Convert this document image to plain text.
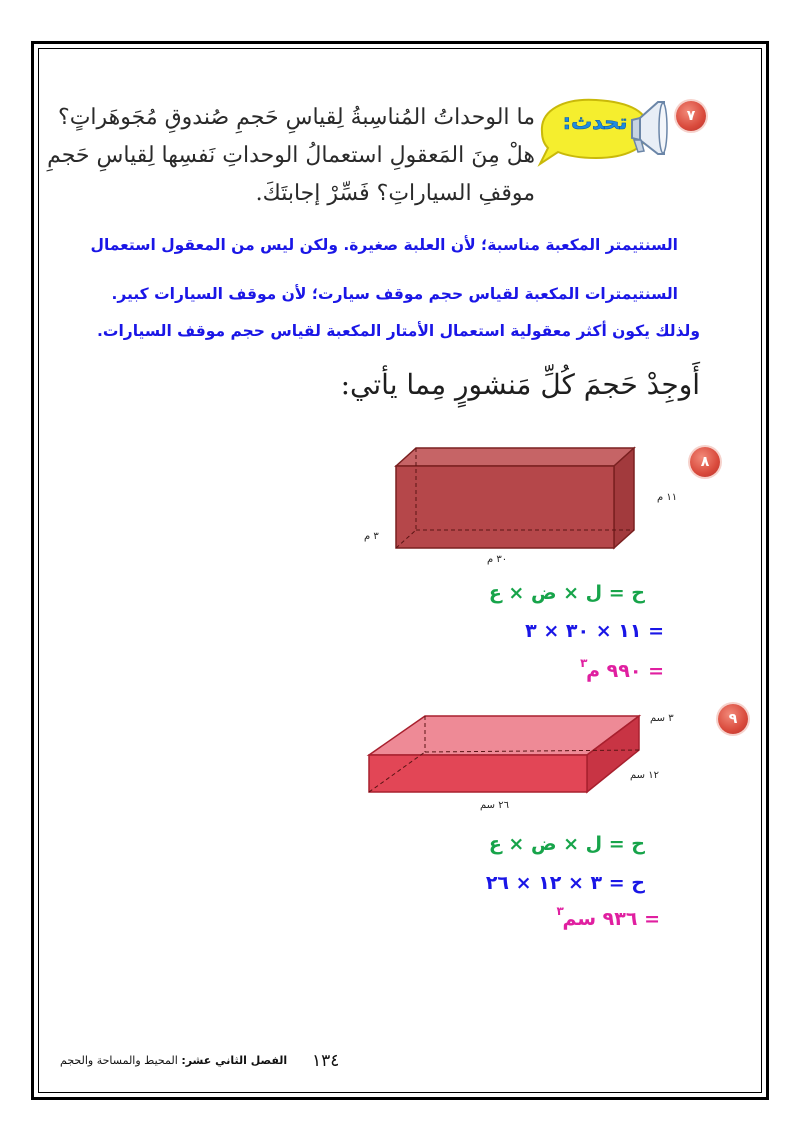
٧
تحدث:
ما الوحداتُ المُناسِبةُ لِقياسِ حَجمِ صُندوقِ مُجَوهَراتٍ؟
هلْ مِنَ المَعقولِ استعمالُ الوحداتِ نَفسِها لِقياسِ حَجمِ
موقفِ السياراتِ؟ فَسِّرْ إجابتَكَ.
السنتيمتر المكعبة مناسبة؛ لأن العلبة صغيرة. ولكن ليس من المعقول استعمال
السنتيمترات المكعبة لقياس حجم موقف سيارت؛ لأن موقف السيارات كبير.
ولذلك يكون أكثر معقولية استعمال الأمتار المكعبة لقياس حجم موقف السيارات.
أَوجِدْ حَجمَ كُلِّ مَنشورٍ مِما يأتي:
٨
١١ م
٣ م
٣٠ م
ح = ل × ض × ع
= ١١ × ٣٠ × ٣
= ٩٩٠ م
٣
٩
٣ سم
١٢ سم
٢٦ سم
ح = ل × ض × ع
ح = ٣ × ١٢ × ٢٦
= ٩٣٦ سم
٣
١٣٤
الفصل الثاني عشر: المحيط والمساحة والحجم
